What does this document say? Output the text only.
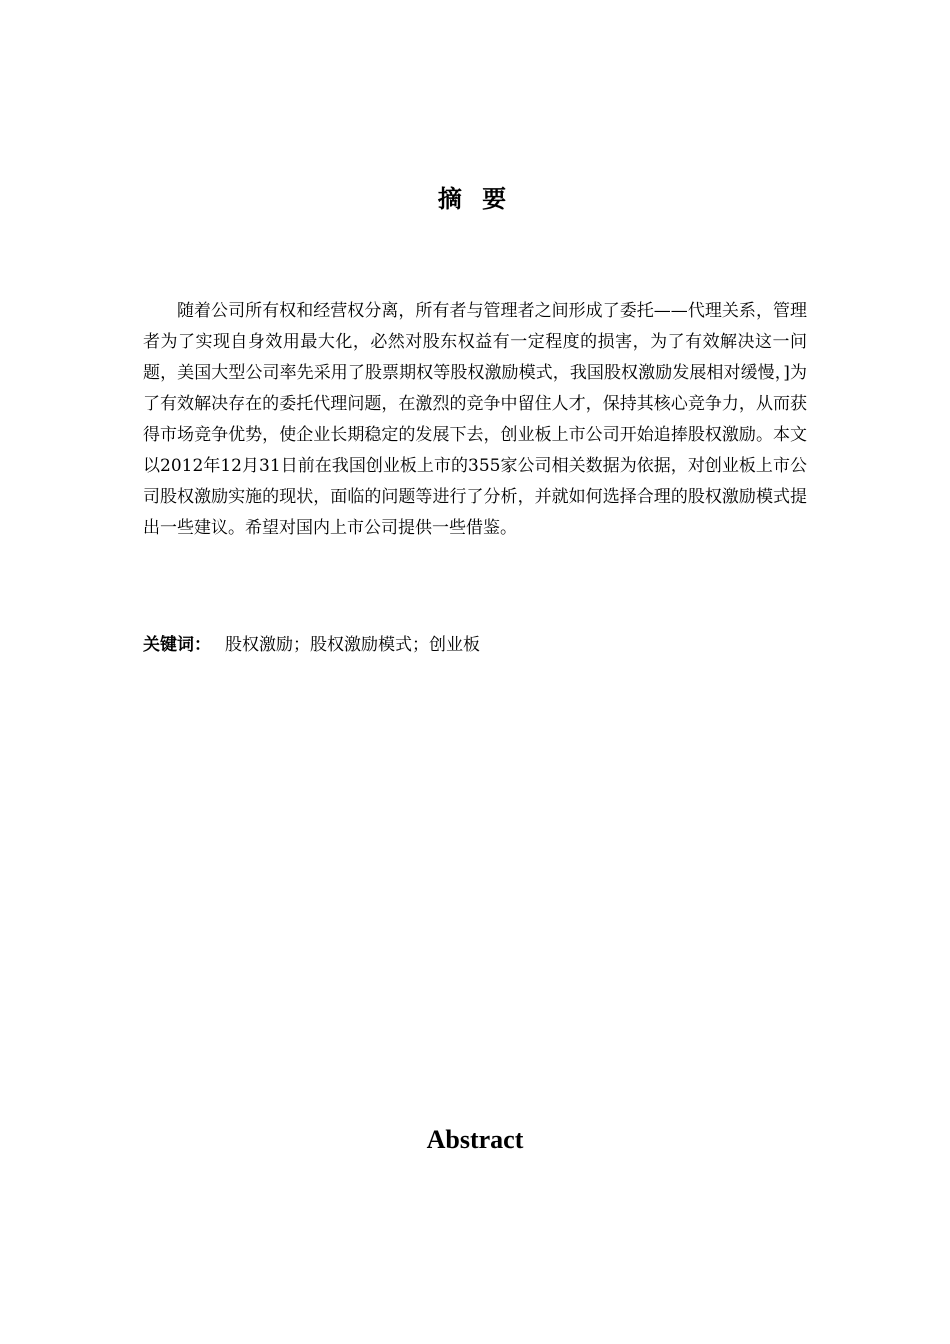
摘 要

随着公司所有权和经营权分离，所有者与管理者之间形成了委托——代理关系，管理者为了实现自身效用最大化，必然对股东权益有一定程度的损害，为了有效解决这一问题，美国大型公司率先采用了股票期权等股权激励模式，我国股权激励发展相对缓慢，]为了有效解决存在的委托代理问题，在激烈的竞争中留住人才，保持其核心竞争力，从而获得市场竞争优势，使企业长期稳定的发展下去，创业板上市公司开始追捧股权激励。本文以2012年12月31日前在我国创业板上市的355家公司相关数据为依据，对创业板上市公司股权激励实施的现状，面临的问题等进行了分析，并就如何选择合理的股权激励模式提出一些建议。希望对国内上市公司提供一些借鉴。

关键词： 股权激励；股权激励模式；创业板

Abstract
